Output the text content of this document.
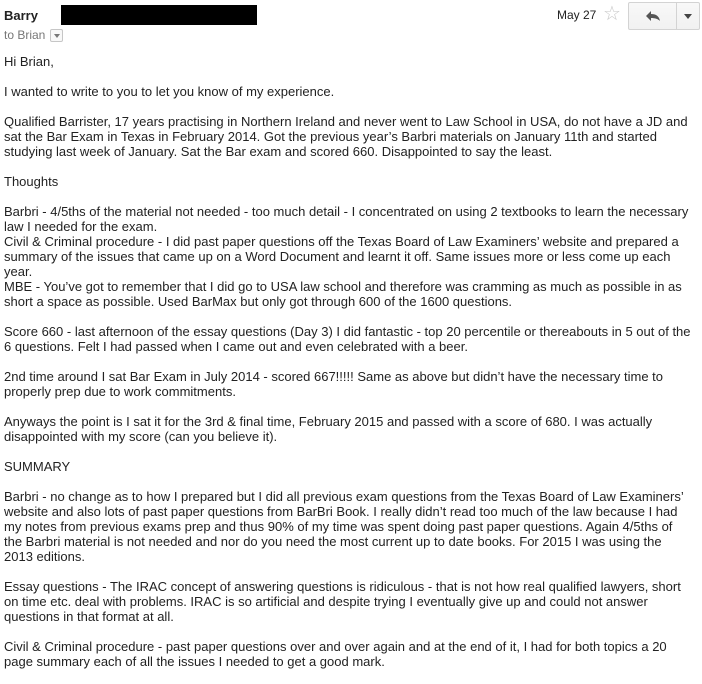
Barry
to Brian
May 27 ☆

Hi Brian,

I wanted to write to you to let you know of my experience.

Qualified Barrister, 17 years practising in Northern Ireland and never went to Law School in USA, do not have a JD and sat the Bar Exam in Texas in February 2014. Got the previous year’s Barbri materials on January 11th and started studying last week of January. Sat the Bar exam and scored 660. Disappointed to say the least.

Thoughts

Barbri - 4/5ths of the material not needed - too much detail - I concentrated on using 2 textbooks to learn the necessary law I needed for the exam.

Civil & Criminal procedure - I did past paper questions off the Texas Board of Law Examiners’ website and prepared a summary of the issues that came up on a Word Document and learnt it off. Same issues more or less come up each year.

MBE - You’ve got to remember that I did go to USA law school and therefore was cramming as much as possible in as short a space as possible. Used BarMax but only got through 600 of the 1600 questions.

Score 660 - last afternoon of the essay questions (Day 3) I did fantastic - top 20 percentile or thereabouts in 5 out of the 6 questions. Felt I had passed when I came out and even celebrated with a beer.

2nd time around I sat Bar Exam in July 2014 - scored 667!!!!! Same as above but didn’t have the necessary time to properly prep due to work commitments.

Anyways the point is I sat it for the 3rd & final time, February 2015 and passed with a score of 680. I was actually disappointed with my score (can you believe it).

SUMMARY

Barbri - no change as to how I prepared but I did all previous exam questions from the Texas Board of Law Examiners’ website and also lots of past paper questions from BarBri Book. I really didn’t read too much of the law because I had my notes from previous exams prep and thus 90% of my time was spent doing past paper questions. Again 4/5ths of the Barbri material is not needed and nor do you need the most current up to date books. For 2015 I was using the 2013 editions.

Essay questions - The IRAC concept of answering questions is ridiculous - that is not how real qualified lawyers, short on time etc. deal with problems. IRAC is so artificial and despite trying I eventually give up and could not answer questions in that format at all.

Civil & Criminal procedure - past paper questions over and over again and at the end of it, I had for both topics a 20 page summary each of all the issues I needed to get a good mark.
